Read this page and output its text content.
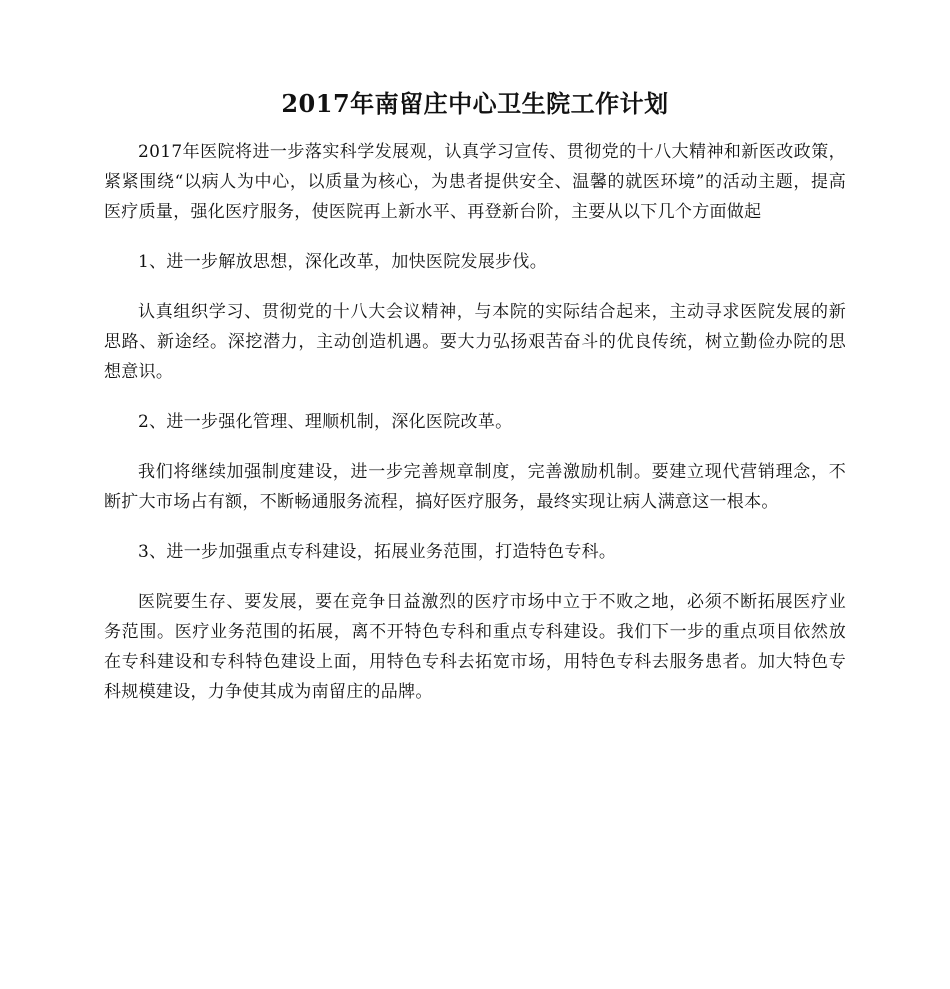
2017年南留庄中心卫生院工作计划

2017年医院将进一步落实科学发展观，认真学习宣传、贯彻党的十八大精神和新医改政策，紧紧围绕“以病人为中心，以质量为核心，为患者提供安全、温馨的就医环境”的活动主题，提高医疗质量，强化医疗服务，使医院再上新水平、再登新台阶，主要从以下几个方面做起

1、进一步解放思想，深化改革，加快医院发展步伐。

认真组织学习、贯彻党的十八大会议精神，与本院的实际结合起来，主动寻求医院发展的新思路、新途经。深挖潜力，主动创造机遇。要大力弘扬艰苦奋斗的优良传统，树立勤俭办院的思想意识。

2、进一步强化管理、理顺机制，深化医院改革。

我们将继续加强制度建设，进一步完善规章制度，完善激励机制。要建立现代营销理念，不断扩大市场占有额，不断畅通服务流程，搞好医疗服务，最终实现让病人满意这一根本。

3、进一步加强重点专科建设，拓展业务范围，打造特色专科。

医院要生存、要发展，要在竞争日益激烈的医疗市场中立于不败之地，必须不断拓展医疗业务范围。医疗业务范围的拓展，离不开特色专科和重点专科建设。我们下一步的重点项目依然放在专科建设和专科特色建设上面，用特色专科去拓宽市场，用特色专科去服务患者。加大特色专科规模建设，力争使其成为南留庄的品牌。
